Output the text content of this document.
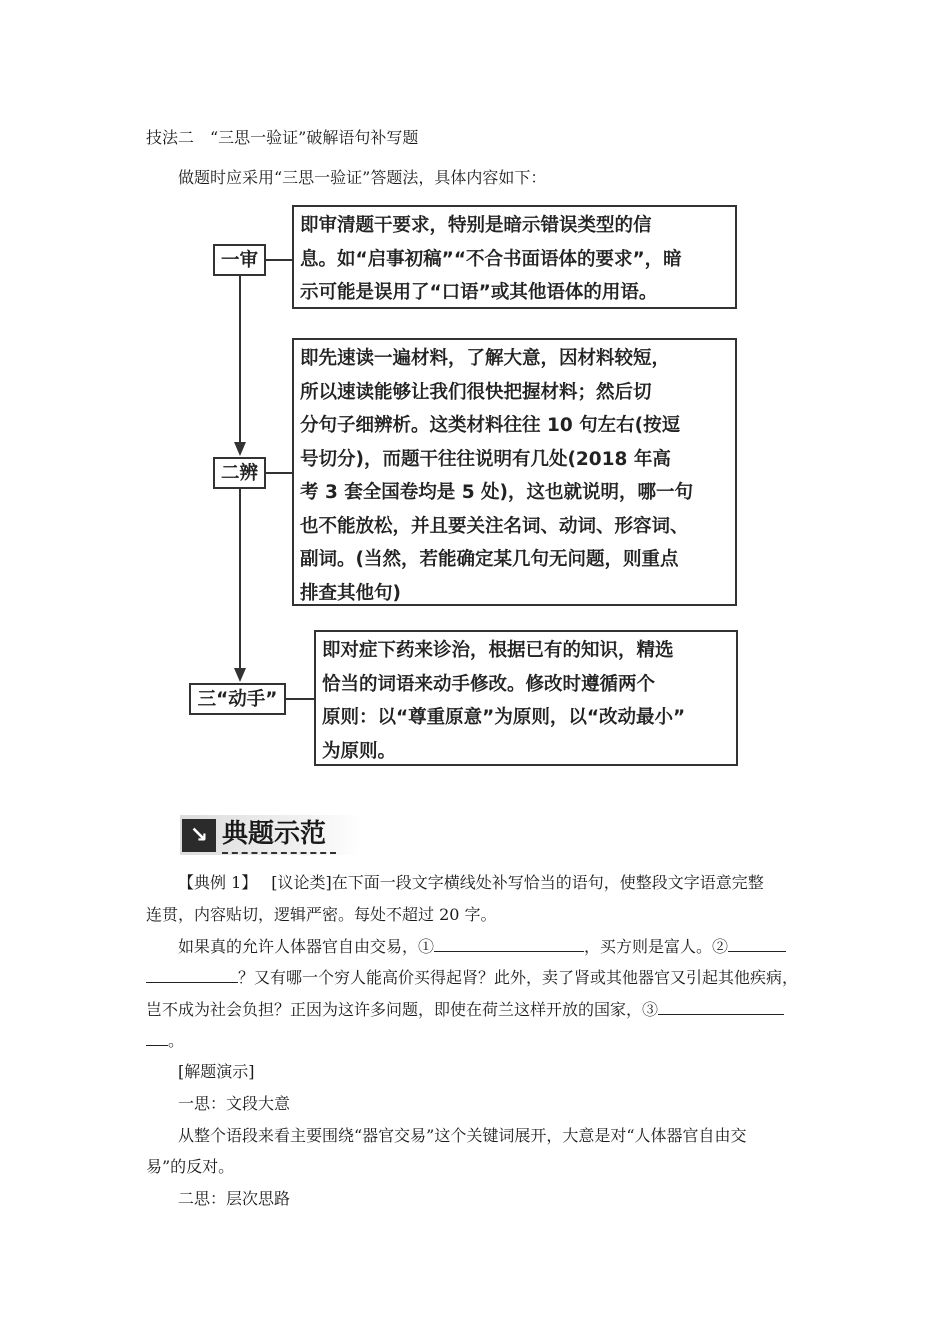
技法二　“三思一验证”破解语句补写题
做题时应采用“三思一验证”答题法，具体内容如下：
一审
即审清题干要求，特别是暗示错误类型的信
息。如“启事初稿”“不合书面语体的要求”，暗
示可能是误用了“口语”或其他语体的用语。
二辨
即先速读一遍材料，了解大意，因材料较短，
所以速读能够让我们很快把握材料；然后切
分句子细辨析。这类材料往往 10 句左右(按逗
号切分)，而题干往往说明有几处(2018 年高
考 3 套全国卷均是 5 处)，这也就说明，哪一句
也不能放松，并且要关注名词、动词、形容词、
副词。(当然，若能确定某几句无问题，则重点
排查其他句)
三“动手”
即对症下药来诊治，根据已有的知识，精选
恰当的词语来动手修改。修改时遵循两个
原则：以“尊重原意”为原则，以“改动最小”
为原则。
↘ 典题示范
【典例 1】 [议论类]在下面一段文字横线处补写恰当的语句，使整段文字语意完整
连贯，内容贴切，逻辑严密。每处不超过 20 字。
如果真的允许人体器官自由交易，①	，买方则是富人。②
？又有哪一个穷人能高价买得起肾？此外，卖了肾或其他器官又引起其他疾病，
岂不成为社会负担？正因为这许多问题，即使在荷兰这样开放的国家，③
。
[解题演示]
一思：文段大意
从整个语段来看主要围绕“器官交易”这个关键词展开，大意是对“人体器官自由交
易”的反对。
二思：层次思路
